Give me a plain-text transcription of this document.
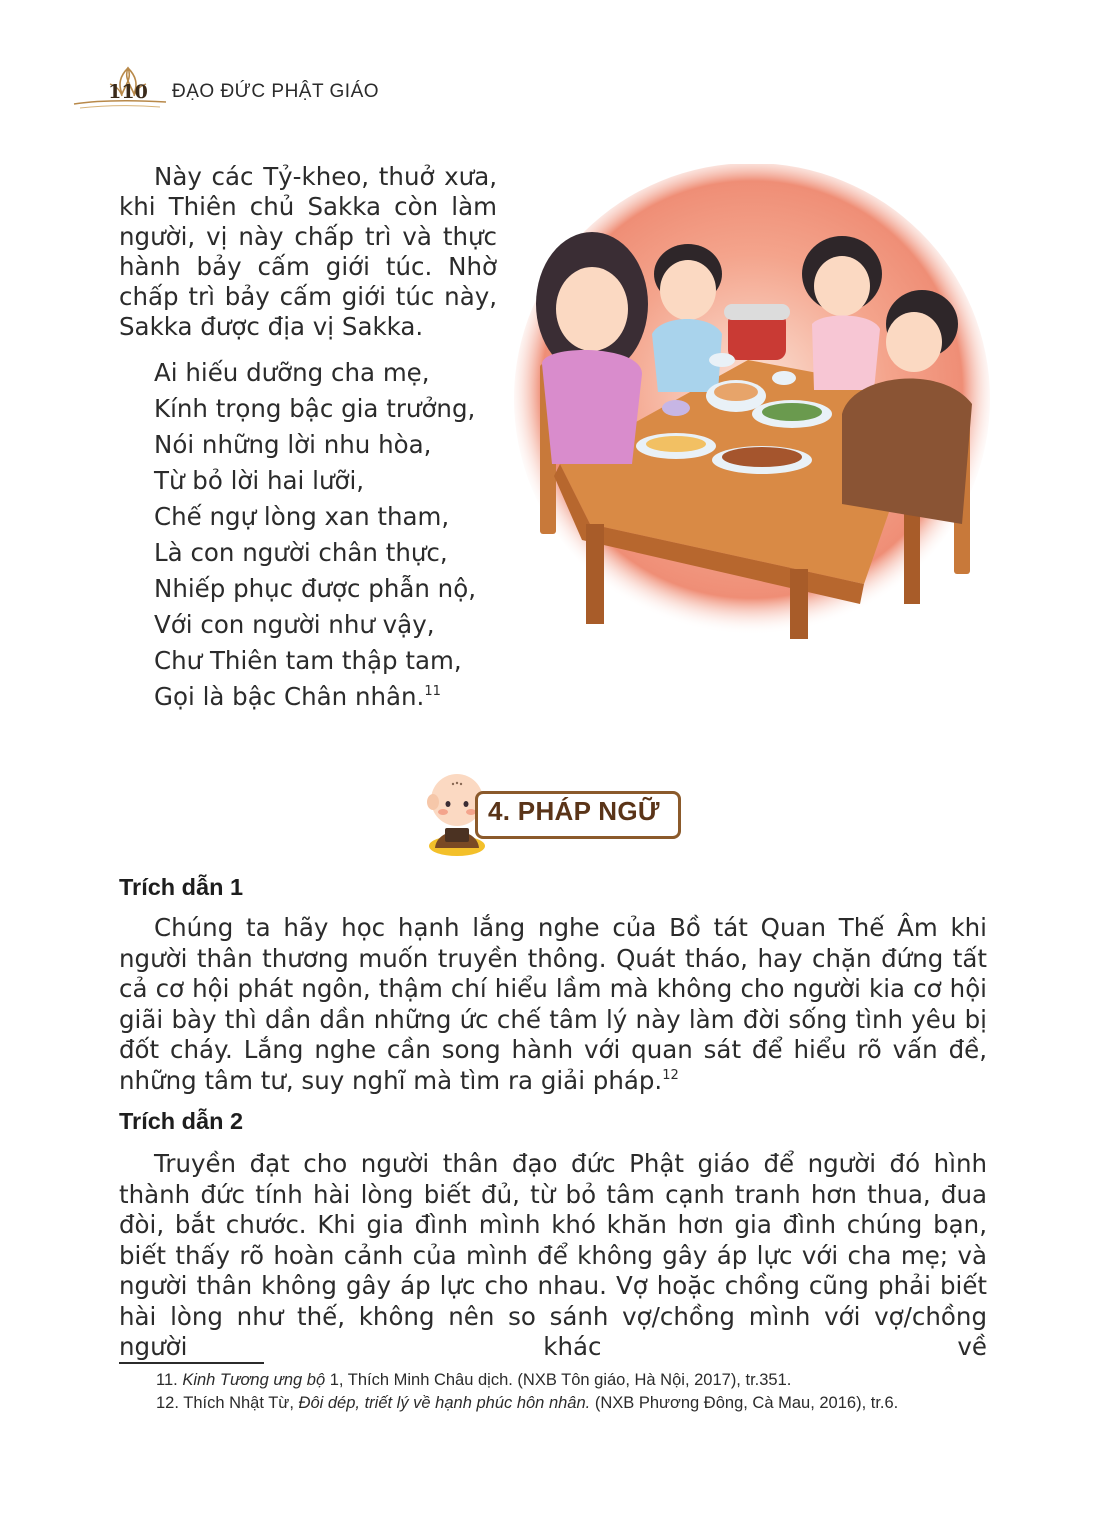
110 ĐẠO ĐỨC PHẬT GIÁO

Này các Tỷ-kheo, thuở xưa, khi Thiên chủ Sakka còn làm người, vị này chấp trì và thực hành bảy cấm giới túc. Nhờ chấp trì bảy cấm giới túc này, Sakka được địa vị Sakka.

Ai hiếu dưỡng cha mẹ,
Kính trọng bậc gia trưởng,
Nói những lời nhu hòa,
Từ bỏ lời hai lưỡi,
Chế ngự lòng xan tham,
Là con người chân thực,
Nhiếp phục được phẫn nộ,
Với con người như vậy,
Chư Thiên tam thập tam,
Gọi là bậc Chân nhân.$^{11}$
4. PHÁP NGỮ
Trích dẫn 1

Chúng ta hãy học hạnh lắng nghe của Bồ tát Quan Thế Âm khi người thân thương muốn truyền thông. Quát tháo, hay chặn đứng tất cả cơ hội phát ngôn, thậm chí hiểu lầm mà không cho người kia cơ hội giãi bày thì dần dần những ức chế tâm lý này làm đời sống tình yêu bị đốt cháy. Lắng nghe cần song hành với quan sát để hiểu rõ vấn đề, những tâm tư, suy nghĩ mà tìm ra giải pháp.$^{12}$

Trích dẫn 2

Truyền đạt cho người thân đạo đức Phật giáo để người đó hình thành đức tính hài lòng biết đủ, từ bỏ tâm cạnh tranh hơn thua, đua đòi, bắt chước. Khi gia đình mình khó khăn hơn gia đình chúng bạn, biết thấy rõ hoàn cảnh của mình để không gây áp lực với cha mẹ; và người thân không gây áp lực cho nhau. Vợ hoặc chồng cũng phải biết hài lòng như thế, không nên so sánh vợ/chồng mình với vợ/chồng người khác về

11. Kinh Tương ưng bộ 1, Thích Minh Châu dịch. (NXB Tôn giáo, Hà Nội, 2017), tr.351.

12. Thích Nhật Từ, Đôi dép, triết lý về hạnh phúc hôn nhân. (NXB Phương Đông, Cà Mau, 2016), tr.6.
